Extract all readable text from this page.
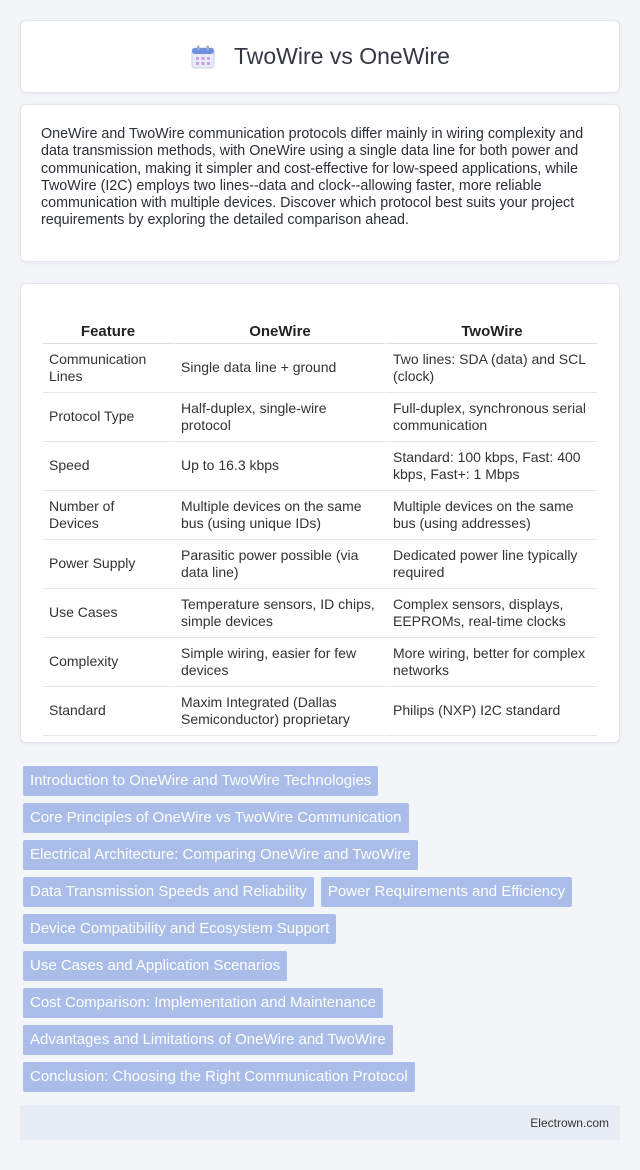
TwoWire vs OneWire

OneWire and TwoWire communication protocols differ mainly in wiring complexity and data transmission methods, with OneWire using a single data line for both power and communication, making it simpler and cost-effective for low-speed applications, while TwoWire (I2C) employs two lines--data and clock--allowing faster, more reliable communication with multiple devices. Discover which protocol best suits your project requirements by exploring the detailed comparison ahead.

Feature	OneWire	TwoWire
Communication Lines	Single data line + ground	Two lines: SDA (data) and SCL (clock)
Protocol Type	Half-duplex, single-wire protocol	Full-duplex, synchronous serial communication
Speed	Up to 16.3 kbps	Standard: 100 kbps, Fast: 400 kbps, Fast+: 1 Mbps
Number of Devices	Multiple devices on the same bus (using unique IDs)	Multiple devices on the same bus (using addresses)
Power Supply	Parasitic power possible (via data line)	Dedicated power line typically required
Use Cases	Temperature sensors, ID chips, simple devices	Complex sensors, displays, EEPROMs, real-time clocks
Complexity	Simple wiring, easier for few devices	More wiring, better for complex networks
Standard	Maxim Integrated (Dallas Semiconductor) proprietary	Philips (NXP) I2C standard
Introduction to OneWire and TwoWire Technologies
Core Principles of OneWire vs TwoWire Communication
Electrical Architecture: Comparing OneWire and TwoWire
Data Transmission Speeds and Reliability	Power Requirements and Efficiency
Device Compatibility and Ecosystem Support
Use Cases and Application Scenarios
Cost Comparison: Implementation and Maintenance
Advantages and Limitations of OneWire and TwoWire
Conclusion: Choosing the Right Communication Protocol
Electrown.com
